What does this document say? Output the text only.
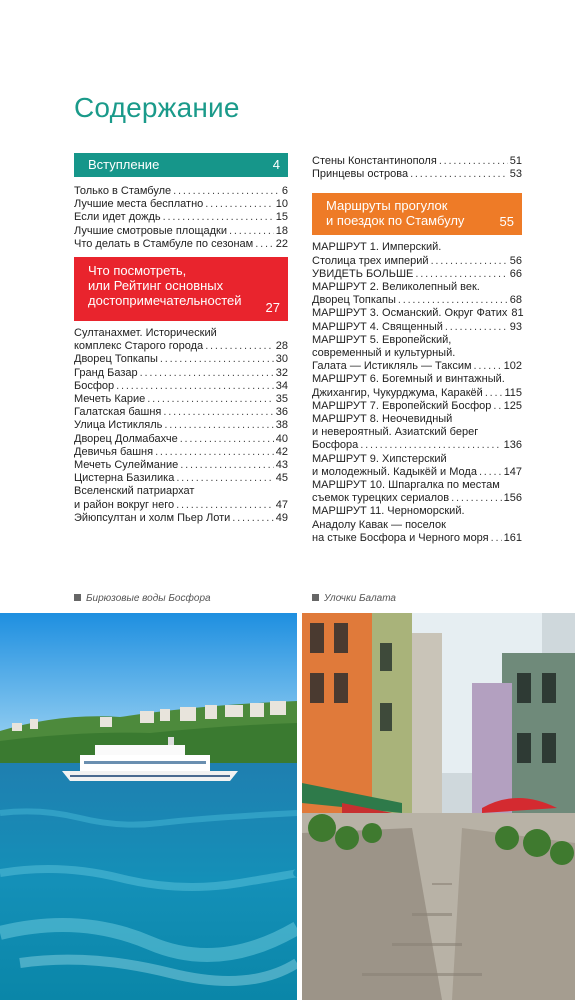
Содержание
Вступление	4
Только в Стамбуле .....	6
Лучшие места бесплатно .....	10
Если идет дождь .....	15
Лучшие смотровые площадки .....	18
Что делать в Стамбуле по сезонам ..... 22
Что посмотреть,
или Рейтинг основных
достопримечательностей	27
Султанахмет. Исторический
комплекс Старого города .....	28
Дворец Топкапы .....	30
Гранд Базар .....	32
Босфор .....	34
Мечеть Карие .....	35
Галатская башня .....	36
Улица Истикляль .....	38
Дворец Долмабахче .....	40
Девичья башня .....	42
Мечеть Сулеймание .....	43
Цистерна Базилика .....	45
Вселенский патриархат
и район вокруг него .....	47
Эйюпсултан и холм Пьер Лоти .....	49
Стены Константинополя .....	51
Принцевы острова .....	53
Маршруты прогулок
и поездок по Стамбулу	55
МАРШРУТ 1. Имперский.
Столица трех империй .....	56
УВИДЕТЬ БОЛЬШЕ .....	66
МАРШРУТ 2. Великолепный век.
Дворец Топкапы .....	68
МАРШРУТ 3. Османский. Округ Фатих 81
МАРШРУТ 4. Священный .....	93
МАРШРУТ 5. Европейский,
современный и культурный.
Галата — Истикляль — Таксим .....	102
МАРШРУТ 6. Богемный и винтажный.
Джихангир, Чукурджума, Каракёй ..... 115
МАРШРУТ 7. Европейский Босфор ..... 125
МАРШРУТ 8. Неочевидный
и невероятный. Азиатский берег
Босфора .....	136
МАРШРУТ 9. Хипстерский
и молодежный. Кадыкёй и Мода ..... 147
МАРШРУТ 10. Шпаргалка по местам
съемок турецких сериалов .....	156
МАРШРУТ 11. Черноморский.
Анадолу Кавак — поселок
на стыке Босфора и Черного моря ..... 161
Бирюзовые воды Босфора	Улочки Балата
